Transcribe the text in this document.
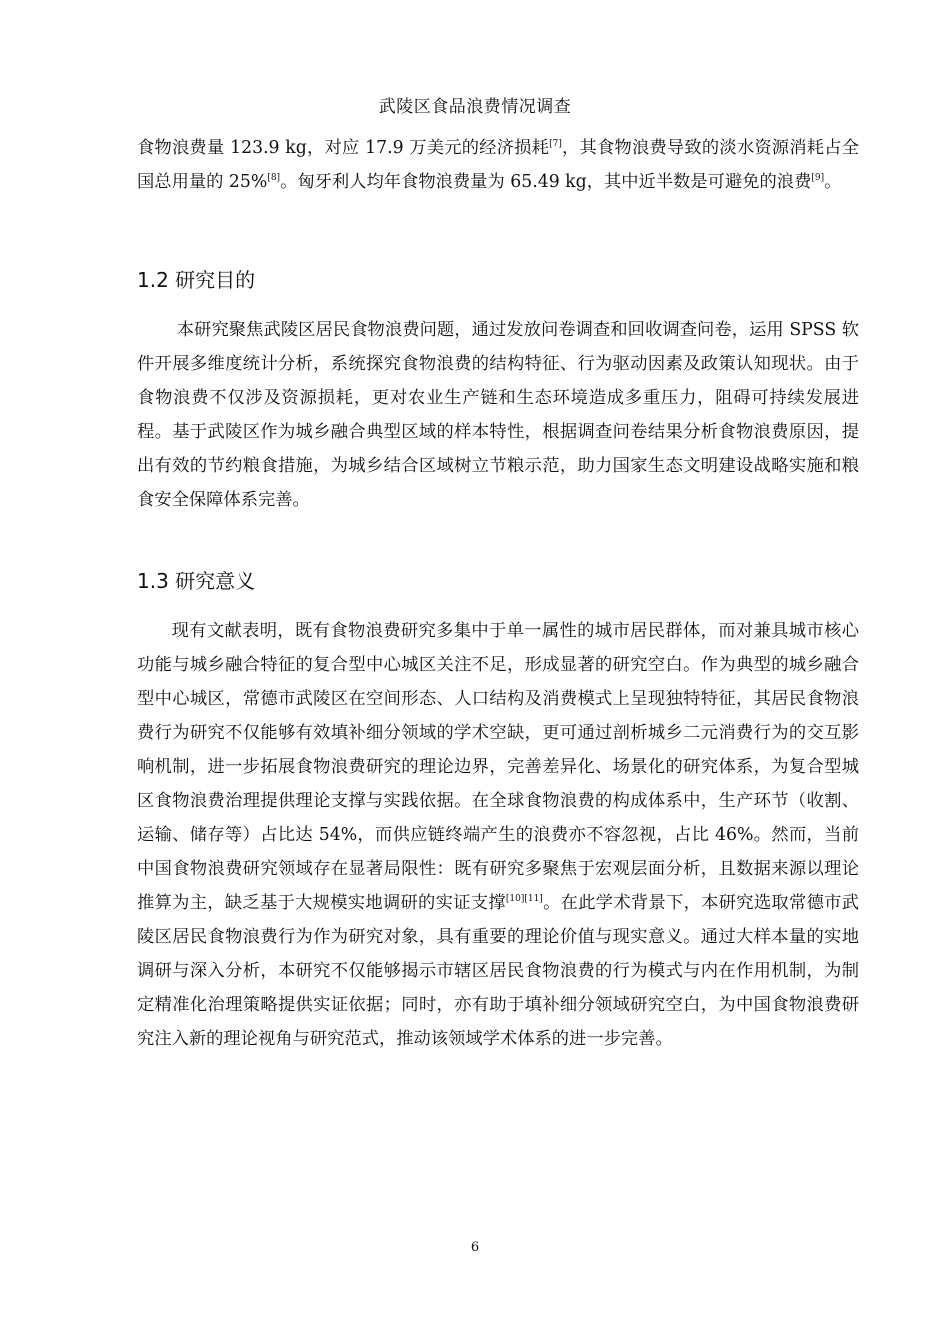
武陵区食品浪费情况调查

食物浪费量 123.9 kg，对应 17.9 万美元的经济损耗[7]，其食物浪费导致的淡水资源消耗占全国总用量的 25%[8]。匈牙利人均年食物浪费量为 65.49 kg，其中近半数是可避免的浪费[9]。

1.2 研究目的

本研究聚焦武陵区居民食物浪费问题，通过发放问卷调查和回收调查问卷，运用 SPSS 软件开展多维度统计分析，系统探究食物浪费的结构特征、行为驱动因素及政策认知现状。由于食物浪费不仅涉及资源损耗，更对农业生产链和生态环境造成多重压力，阻碍可持续发展进程。基于武陵区作为城乡融合典型区域的样本特性，根据调查问卷结果分析食物浪费原因，提出有效的节约粮食措施，为城乡结合区域树立节粮示范，助力国家生态文明建设战略实施和粮食安全保障体系完善。

1.3 研究意义

现有文献表明，既有食物浪费研究多集中于单一属性的城市居民群体，而对兼具城市核心功能与城乡融合特征的复合型中心城区关注不足，形成显著的研究空白。作为典型的城乡融合型中心城区，常德市武陵区在空间形态、人口结构及消费模式上呈现独特特征，其居民食物浪费行为研究不仅能够有效填补细分领域的学术空缺，更可通过剖析城乡二元消费行为的交互影响机制，进一步拓展食物浪费研究的理论边界，完善差异化、场景化的研究体系，为复合型城区食物浪费治理提供理论支撑与实践依据。在全球食物浪费的构成体系中，生产环节（收割、运输、储存等）占比达 54%，而供应链终端产生的浪费亦不容忽视，占比 46%。然而，当前中国食物浪费研究领域存在显著局限性：既有研究多聚焦于宏观层面分析，且数据来源以理论推算为主，缺乏基于大规模实地调研的实证支撑[10][11]。在此学术背景下，本研究选取常德市武陵区居民食物浪费行为作为研究对象，具有重要的理论价值与现实意义。通过大样本量的实地调研与深入分析，本研究不仅能够揭示市辖区居民食物浪费的行为模式与内在作用机制，为制定精准化治理策略提供实证依据；同时，亦有助于填补细分领域研究空白，为中国食物浪费研究注入新的理论视角与研究范式，推动该领域学术体系的进一步完善。

6
